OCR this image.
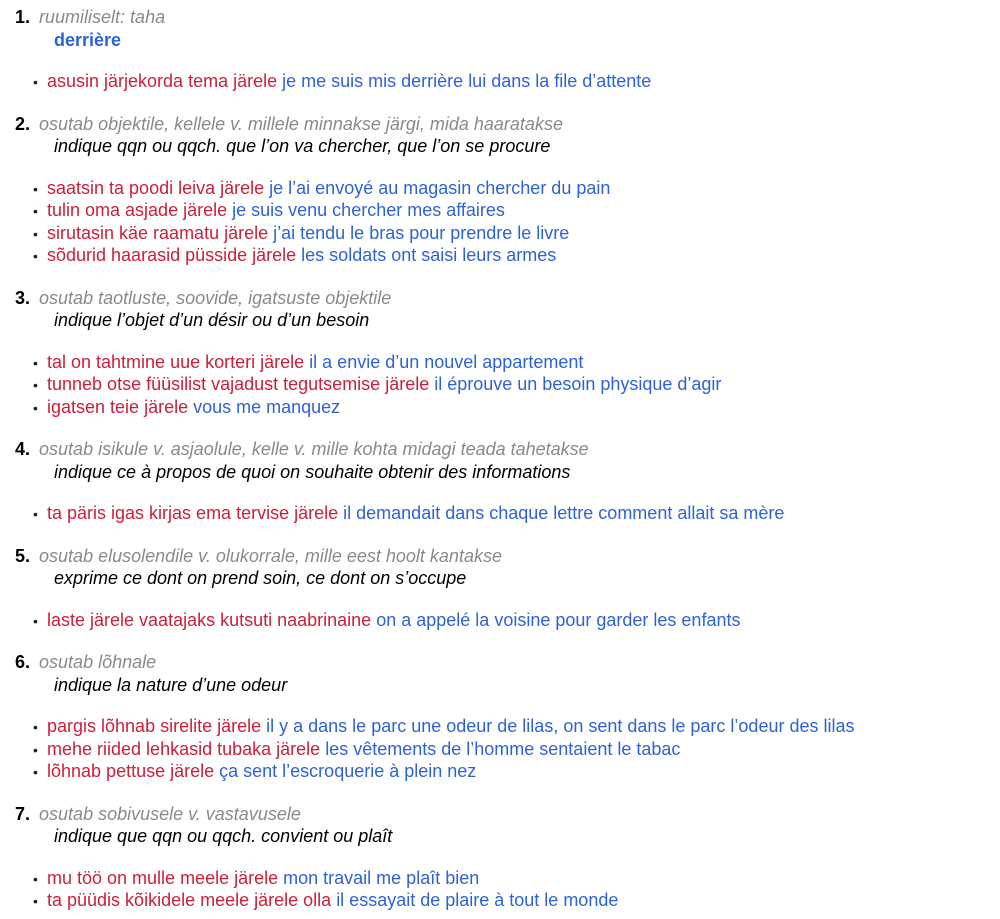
1. ruumiliselt: taha
derrière
• asusin järjekorda tema järele je me suis mis derrière lui dans la file d’attente
2. osutab objektile, kellele v. millele minnakse järgi, mida haaratakse
indique qqn ou qqch. que l’on va chercher, que l’on se procure
• saatsin ta poodi leiva järele je l’ai envoyé au magasin chercher du pain
• tulin oma asjade järele je suis venu chercher mes affaires
• sirutasin käe raamatu järele j’ai tendu le bras pour prendre le livre
• sõdurid haarasid püsside järele les soldats ont saisi leurs armes
3. osutab taotluste, soovide, igatsuste objektile
indique l’objet d’un désir ou d’un besoin
• tal on tahtmine uue korteri järele il a envie d’un nouvel appartement
• tunneb otse füüsilist vajadust tegutsemise järele il éprouve un besoin physique d’agir
• igatsen teie järele vous me manquez
4. osutab isikule v. asjaolule, kelle v. mille kohta midagi teada tahetakse
indique ce à propos de quoi on souhaite obtenir des informations
• ta päris igas kirjas ema tervise järele il demandait dans chaque lettre comment allait sa mère
5. osutab elusolendile v. olukorrale, mille eest hoolt kantakse
exprime ce dont on prend soin, ce dont on s’occupe
• laste järele vaatajaks kutsuti naabrinaine on a appelé la voisine pour garder les enfants
6. osutab lõhnale
indique la nature d’une odeur
• pargis lõhnab sirelite järele il y a dans le parc une odeur de lilas, on sent dans le parc l’odeur des lilas
• mehe riided lehkasid tubaka järele les vêtements de l’homme sentaient le tabac
• lõhnab pettuse järele ça sent l’escroquerie à plein nez
7. osutab sobivusele v. vastavusele
indique que qqn ou qqch. convient ou plaît
• mu töö on mulle meele järele mon travail me plaît bien
• ta püüdis kõikidele meele järele olla il essayait de plaire à tout le monde
